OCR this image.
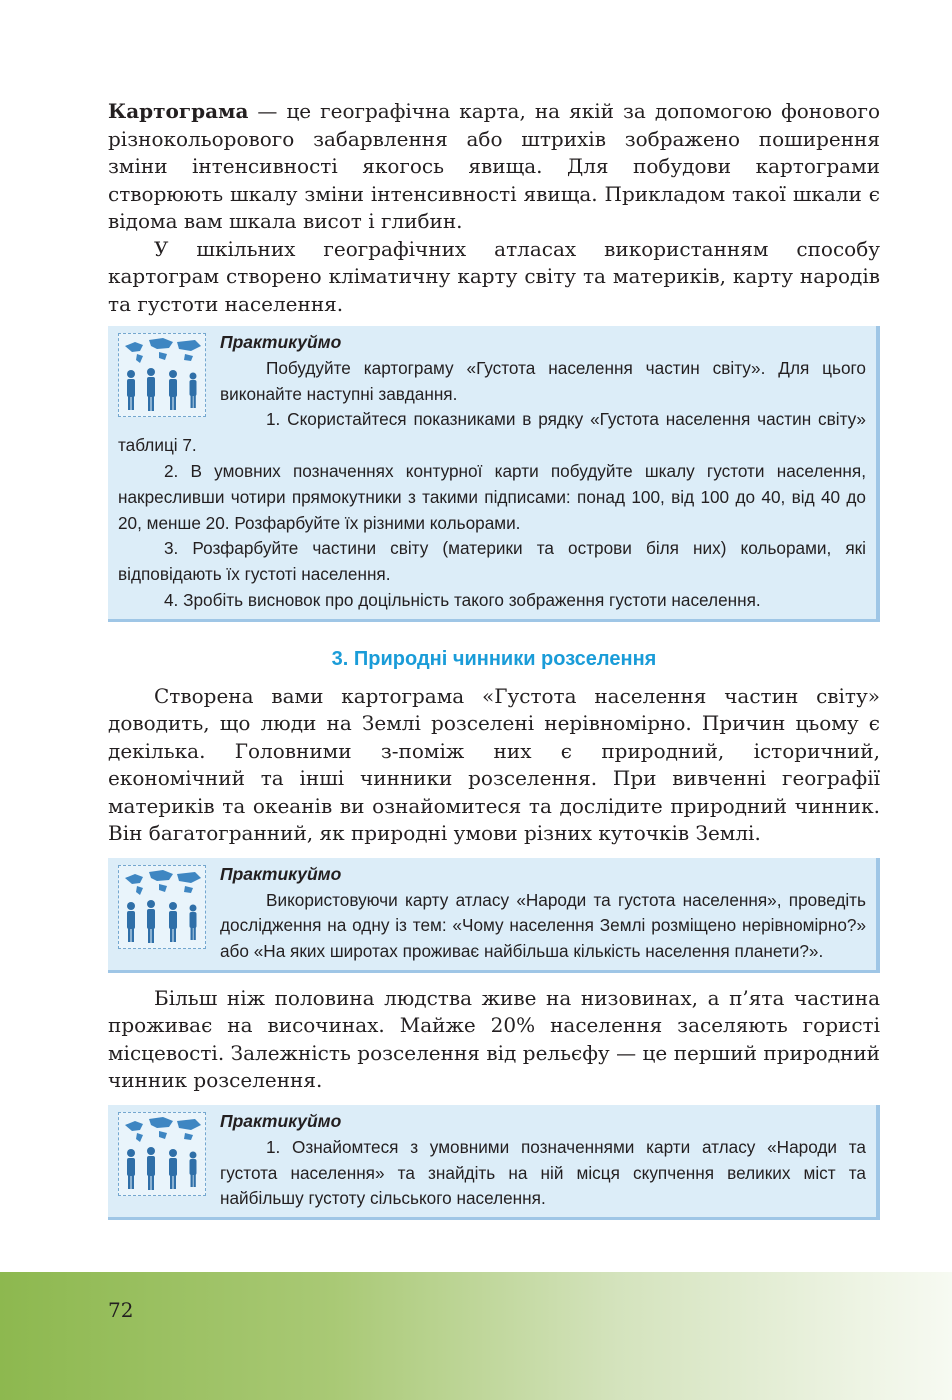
Картограма — це географічна карта, на якій за допомогою фонового різнокольорового забарвлення або штрихів зображено поширення зміни інтенсивності якогось явища. Для побудови картограми створюють шкалу зміни інтенсивності явища. Прикладом такої шкали є відома вам шкала висот і глибин.

У шкільних географічних атласах використанням способу картограм створено кліматичну карту світу та материків, карту народів та густоти населення.

Практикуймо

Побудуйте картограму «Густота населення частин світу». Для цього виконайте наступні завдання.

1. Скористайтеся показниками в рядку «Густота населення частин світу» таблиці 7.

2. В умовних позначеннях контурної карти побудуйте шкалу густоти населення, накресливши чотири прямокутники з такими підписами: понад 100, від 100 до 40, від 40 до 20, менше 20. Розфарбуйте їх різними кольорами.

3. Розфарбуйте частини світу (материки та острови біля них) кольорами, які відповідають їх густоті населення.

4. Зробіть висновок про доцільність такого зображення густоти населення.

3. Природні чинники розселення

Створена вами картограма «Густота населення частин світу» доводить, що люди на Землі розселені нерівномірно. Причин цьому є декілька. Головними з-поміж них є природний, історичний, економічний та інші чинники розселення. При вивченні географії материків та океанів ви ознайомитеся та дослідите природний чинник. Він багатогранний, як природні умови різних куточків Землі.

Практикуймо

Використовуючи карту атласу «Народи та густота населення», проведіть дослідження на одну із тем: «Чому населення Землі розміщено нерівномірно?» або «На яких широтах проживає найбільша кількість населення планети?».

Більш ніж половина людства живе на низовинах, а п’ята частина проживає на височинах. Майже 20% населення заселяють гористі місцевості. Залежність розселення від рельєфу — це перший природний чинник розселення.

Практикуймо

1. Ознайомтеся з умовними позначеннями карти атласу «Народи та густота населення» та знайдіть на ній місця скупчення великих міст та найбільшу густоту сільського населення.

72
